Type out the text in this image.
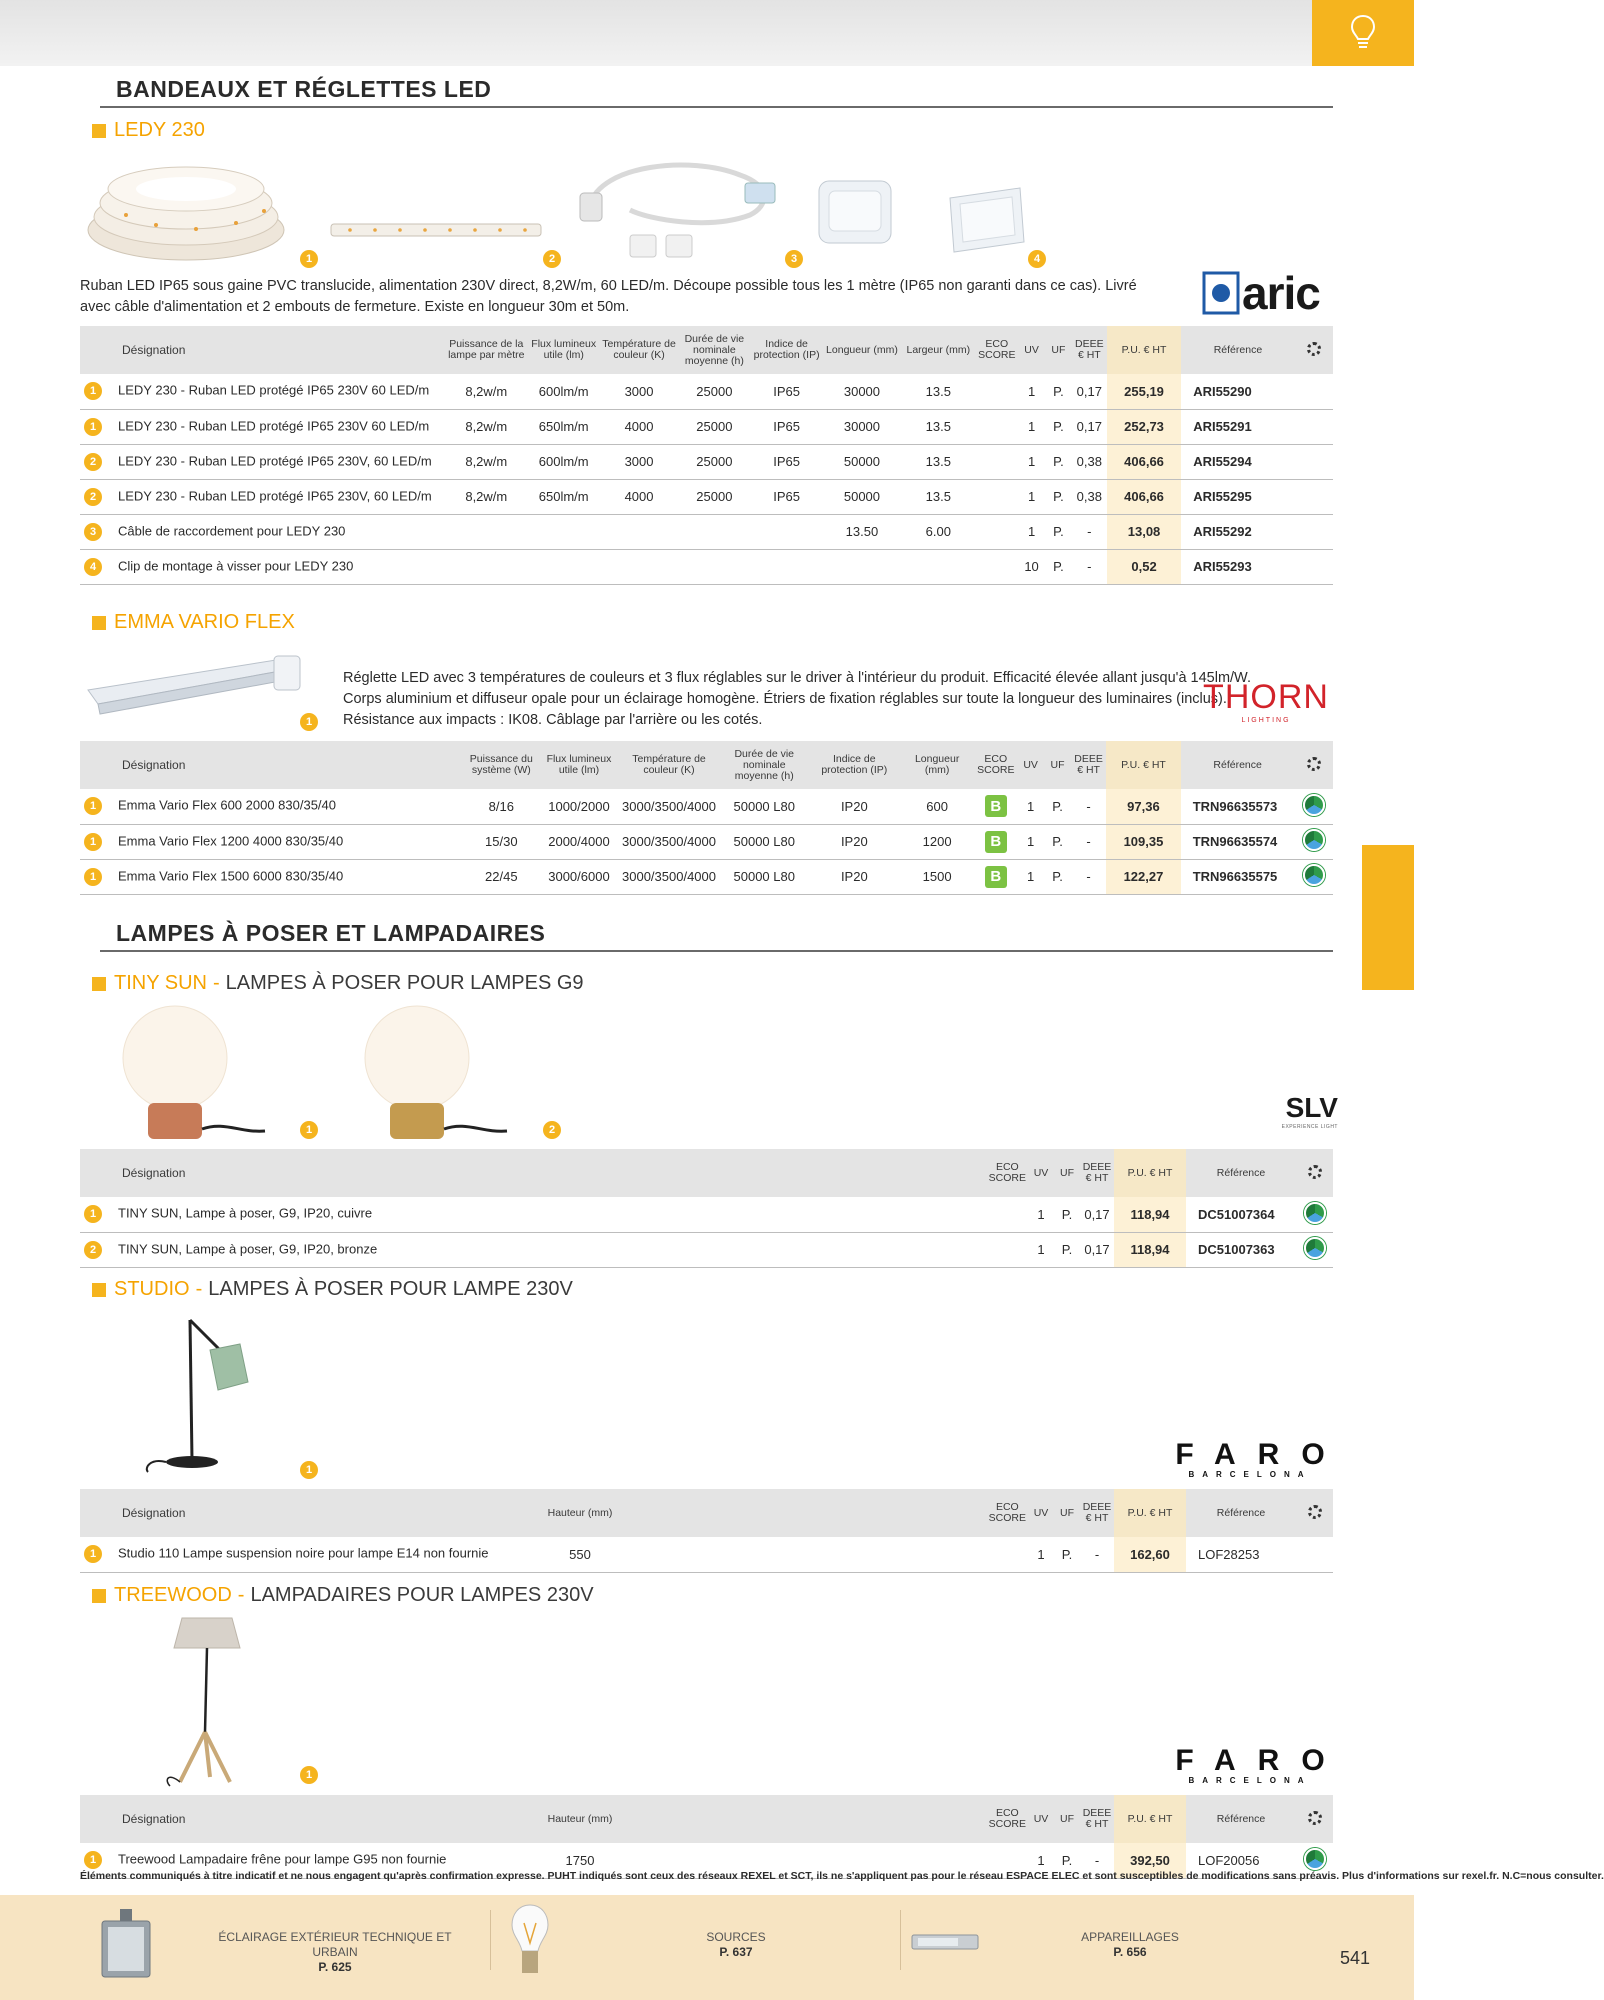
BANDEAUX ET RÉGLETTES LED
LEDY 230
1	2	3	4
Ruban LED IP65 sous gaine PVC translucide, alimentation 230V direct, 8,2W/m, 60 LED/m. Découpe possible tous les 1 mètre (IP65 non garanti dans ce cas). Livré avec câble d'alimentation et 2 embouts de fermeture. Existe en longueur 30m et 50m.	aric
Désignation	Puissance de la lampe par mètre	Flux lumineux utile (lm)	Température de couleur (K)	Durée de vie nominale moyenne (h)	Indice de protection (IP)	Longueur (mm)	Largeur (mm)	ECO SCORE	UV	UF	DEEE € HT	P.U. € HT	Référence	
1 LEDY 230 - Ruban LED protégé IP65 230V 60 LED/m	8,2w/m	600lm/m	3000	25000	IP65	30000	13.5		1	P.	0,17	255,19	ARI55290	
1 LEDY 230 - Ruban LED protégé IP65 230V 60 LED/m	8,2w/m	650lm/m	4000	25000	IP65	30000	13.5		1	P.	0,17	252,73	ARI55291	
2 LEDY 230 - Ruban LED protégé IP65 230V, 60 LED/m	8,2w/m	600lm/m	3000	25000	IP65	50000	13.5		1	P.	0,38	406,66	ARI55294	
2 LEDY 230 - Ruban LED protégé IP65 230V, 60 LED/m	8,2w/m	650lm/m	4000	25000	IP65	50000	13.5		1	P.	0,38	406,66	ARI55295	
3 Câble de raccordement pour LEDY 230						13.50	6.00		1	P.	-	13,08	ARI55292	
4 Clip de montage à visser pour LEDY 230									10	P.	-	0,52	ARI55293	
EMMA VARIO FLEX
1
Réglette LED avec 3 températures de couleurs et 3 flux réglables sur le driver à l'intérieur du produit. Efficacité élevée allant jusqu'à 145lm/W.
Corps aluminium et diffuseur opale pour un éclairage homogène. Étriers de fixation réglables sur toute la longueur des luminaires (inclus).
Résistance aux impacts : IK08. Câblage par l'arrière ou les cotés.
THORN
LIGHTING
Désignation	Puissance du système (W)	Flux lumineux utile (lm)	Température de couleur (K)	Durée de vie nominale moyenne (h)	Indice de protection (IP)	Longueur (mm)	ECO SCORE	UV	UF	DEEE € HT	P.U. € HT	Référence	
1 Emma Vario Flex 600 2000 830/35/40	8/16	1000/2000	3000/3500/4000	50000 L80	IP20	600	B	1	P.	-	97,36	TRN96635573	
1 Emma Vario Flex 1200 4000 830/35/40	15/30	2000/4000	3000/3500/4000	50000 L80	IP20	1200	B	1	P.	-	109,35	TRN96635574	
1 Emma Vario Flex 1500 6000 830/35/40	22/45	3000/6000	3000/3500/4000	50000 L80	IP20	1500	B	1	P.	-	122,27	TRN96635575	
LAMPES À POSER ET LAMPADAIRES
TINY SUN - LAMPES À POSER POUR LAMPES G9
1	2
SLV
EXPERIENCE LIGHT
Désignation	ECO SCORE	UV	UF	DEEE € HT	P.U. € HT	Référence	
1 TINY SUN, Lampe à poser, G9, IP20, cuivre		1	P.	0,17	118,94	DC51007364	
2 TINY SUN, Lampe à poser, G9, IP20, bronze		1	P.	0,17	118,94	DC51007363	
STUDIO - LAMPES À POSER POUR LAMPE 230V
1	FARO
BARCELONA
Désignation	Hauteur (mm)		ECO SCORE	UV	UF	DEEE € HT	P.U. € HT	Référence	
1 Studio 110 Lampe suspension noire pour lampe E14 non fournie	550			1	P.	-	162,60	LOF28253	
TREEWOOD - LAMPADAIRES POUR LAMPES 230V
1	FARO
BARCELONA
Désignation	Hauteur (mm)		ECO SCORE	UV	UF	DEEE € HT	P.U. € HT	Référence	
1 Treewood Lampadaire frêne pour lampe G95 non fournie	1750			1	P.	-	392,50	LOF20056	
Éléments communiqués à titre indicatif et ne nous engagent qu'après confirmation expresse. PUHT indiqués sont ceux des réseaux REXEL et SCT, ils ne s'appliquent pas pour le réseau ESPACE ELEC et sont susceptibles de modifications sans préavis. Plus d'informations sur rexel.fr. N.C=nous consulter.
ÉCLAIRAGE EXTÉRIEUR TECHNIQUE ET URBAIN
P. 625
SOURCES
P. 637
APPAREILLAGES
P. 656	541
